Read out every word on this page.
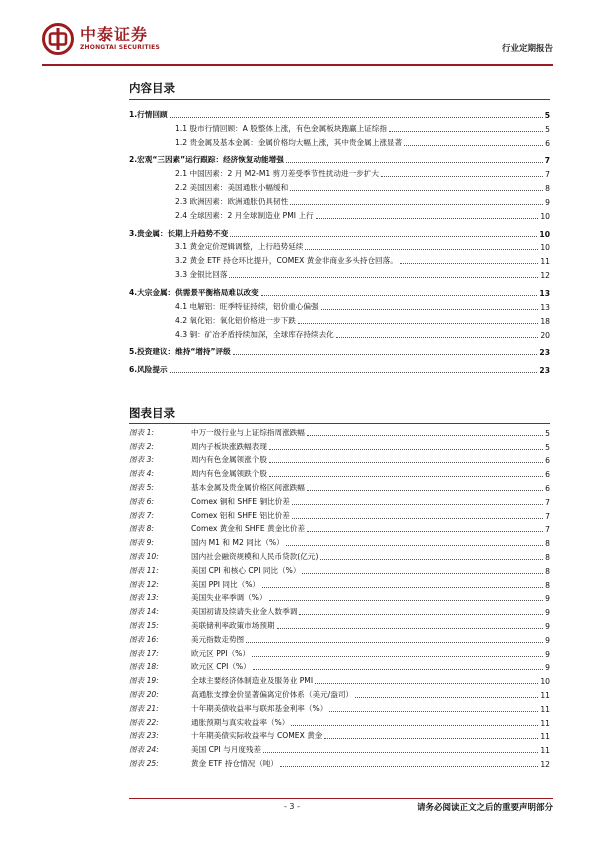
中泰证券
ZHONGTAI SECURITIES	行业定期报告
内容目录
1.行情回顾	5
1.1 股市行情回顾：A 股整体上涨，有色金属板块跑赢上证综指	5
1.2 贵金属及基本金属：金属价格均大幅上涨，其中贵金属上涨显著	6
2.宏观“三因素”运行跟踪：经济恢复动能增强	7
2.1 中国因素：2 月 M2-M1 剪刀差受季节性扰动进一步扩大	7
2.2 美国因素：美国通胀小幅缓和	8
2.3 欧洲因素：欧洲通胀仍具韧性	9
2.4 全球因素：2 月全球制造业 PMI 上行	10
3.贵金属：长期上升趋势不变	10
3.1 黄金定价逻辑调整，上行趋势延续	10
3.2 黄金 ETF 持仓环比提升，COMEX 黄金非商业多头持仓回落。	11
3.3 金银比回落	12
4.大宗金属：供需景平衡格局难以改变	13
4.1 电解铝：旺季特征持续，铝价重心偏强	13
4.2 氧化铝：氧化铝价格进一步下跌	18
4.3 铜：矿冶矛盾持续加深，全球库存持续去化	20
5.投资建议：维持“增持”评级	23
6.风险提示	23
图表目录
图表 1:	中万一级行业与上证综指周涨跌幅	5
图表 2:	周内子板块涨跌幅表现	5
图表 3:	周内有色金属领涨个股	6
图表 4:	周内有色金属领跌个股	6
图表 5:	基本金属及贵金属价格区间涨跌幅	6
图表 6:	Comex 铜和 SHFE 铜比价差	7
图表 7:	Comex 铝和 SHFE 铝比价差	7
图表 8:	Comex 黄金和 SHFE 黄金比价差	7
图表 9:	国内 M1 和 M2 同比（%）	8
图表 10:	国内社会融资规模和人民币贷款(亿元)	8
图表 11:	美国 CPI 和核心 CPI 同比（%）	8
图表 12:	美国 PPI 同比（%）	8
图表 13:	美国失业率季调（%）	9
图表 14:	美国初请及续请失业金人数季调	9
图表 15:	美联储利率政策市场预期	9
图表 16:	美元指数走势图	9
图表 17:	欧元区 PPI（%）	9
图表 18:	欧元区 CPI（%）	9
图表 19:	全球主要经济体制造业及服务业 PMI	10
图表 20:	高通胀支撑金价显著偏离定价体系（美元/盎司）	11
图表 21:	十年期美债收益率与联邦基金利率（%）	11
图表 22:	通胀预期与真实收益率（%）	11
图表 23:	十年期美债实际收益率与 COMEX 黄金	11
图表 24:	美国 CPI 与月度残差	11
图表 25:	黄金 ETF 持仓情况（吨）	12
- 3 -	请务必阅读正文之后的重要声明部分
